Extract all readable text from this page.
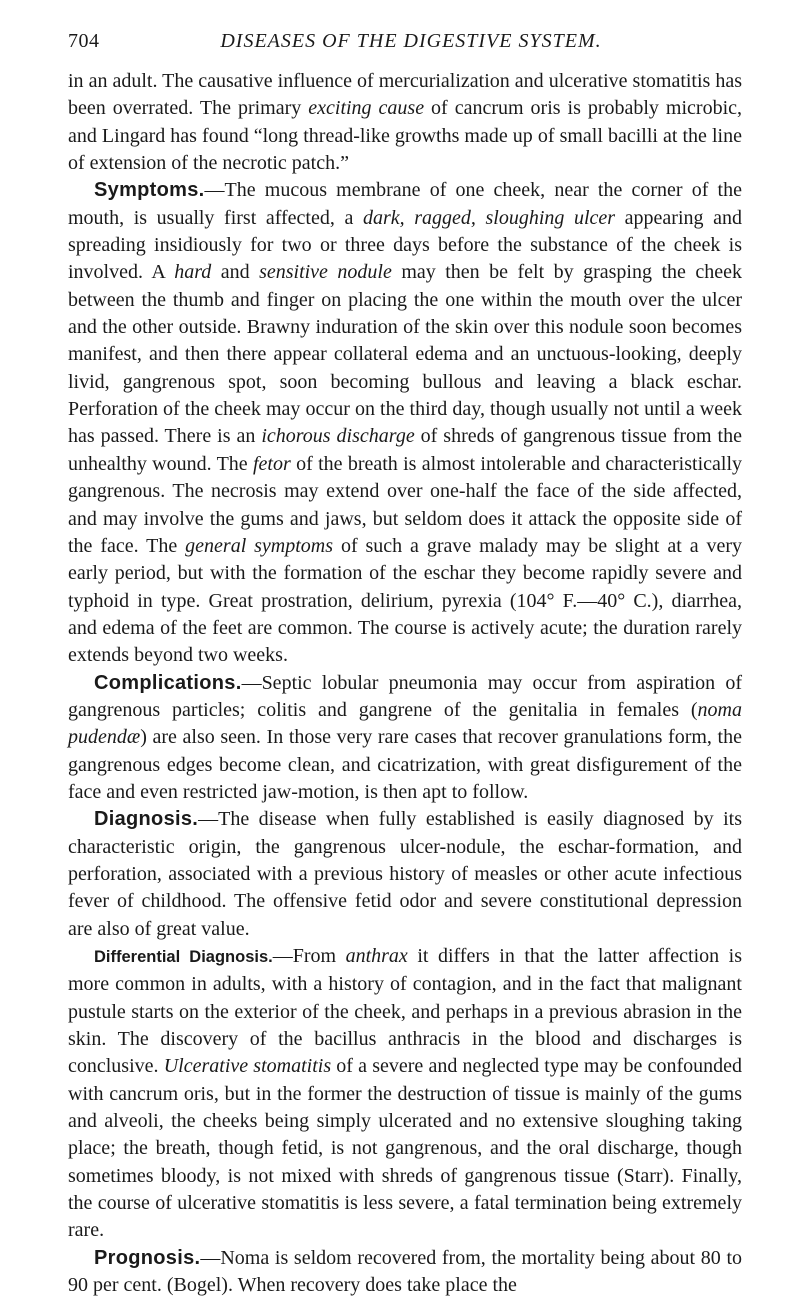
704	DISEASES OF THE DIGESTIVE SYSTEM.

in an adult. The causative influence of mercurialization and ulcerative stomatitis has been overrated. The primary exciting cause of cancrum oris is probably microbic, and Lingard has found “long thread-like growths made up of small bacilli at the line of extension of the necrotic patch.”

Symptoms.—The mucous membrane of one cheek, near the corner of the mouth, is usually first affected, a dark, ragged, sloughing ulcer appearing and spreading insidiously for two or three days before the substance of the cheek is involved. A hard and sensitive nodule may then be felt by grasping the cheek between the thumb and finger on placing the one within the mouth over the ulcer and the other outside. Brawny induration of the skin over this nodule soon becomes manifest, and then there appear collateral edema and an unctuous-looking, deeply livid, gangrenous spot, soon becoming bullous and leaving a black eschar. Perforation of the cheek may occur on the third day, though usually not until a week has passed. There is an ichorous discharge of shreds of gangrenous tissue from the unhealthy wound. The fetor of the breath is almost intolerable and characteristically gangrenous. The necrosis may extend over one-half the face of the side affected, and may involve the gums and jaws, but seldom does it attack the opposite side of the face. The general symptoms of such a grave malady may be slight at a very early period, but with the formation of the eschar they become rapidly severe and typhoid in type. Great prostration, delirium, pyrexia (104° F.—40° C.), diarrhea, and edema of the feet are common. The course is actively acute; the duration rarely extends beyond two weeks.

Complications.—Septic lobular pneumonia may occur from aspiration of gangrenous particles; colitis and gangrene of the genitalia in females (noma pudendæ) are also seen. In those very rare cases that recover granulations form, the gangrenous edges become clean, and cicatrization, with great disfigurement of the face and even restricted jaw-motion, is then apt to follow.

Diagnosis.—The disease when fully established is easily diagnosed by its characteristic origin, the gangrenous ulcer-nodule, the eschar-formation, and perforation, associated with a previous history of measles or other acute infectious fever of childhood. The offensive fetid odor and severe constitutional depression are also of great value.

Differential Diagnosis.—From anthrax it differs in that the latter affection is more common in adults, with a history of contagion, and in the fact that malignant pustule starts on the exterior of the cheek, and perhaps in a previous abrasion in the skin. The discovery of the bacillus anthracis in the blood and discharges is conclusive. Ulcerative stomatitis of a severe and neglected type may be confounded with cancrum oris, but in the former the destruction of tissue is mainly of the gums and alveoli, the cheeks being simply ulcerated and no extensive sloughing taking place; the breath, though fetid, is not gangrenous, and the oral discharge, though sometimes bloody, is not mixed with shreds of gangrenous tissue (Starr). Finally, the course of ulcerative stomatitis is less severe, a fatal termination being extremely rare.

Prognosis.—Noma is seldom recovered from, the mortality being about 80 to 90 per cent. (Bogel). When recovery does take place the
